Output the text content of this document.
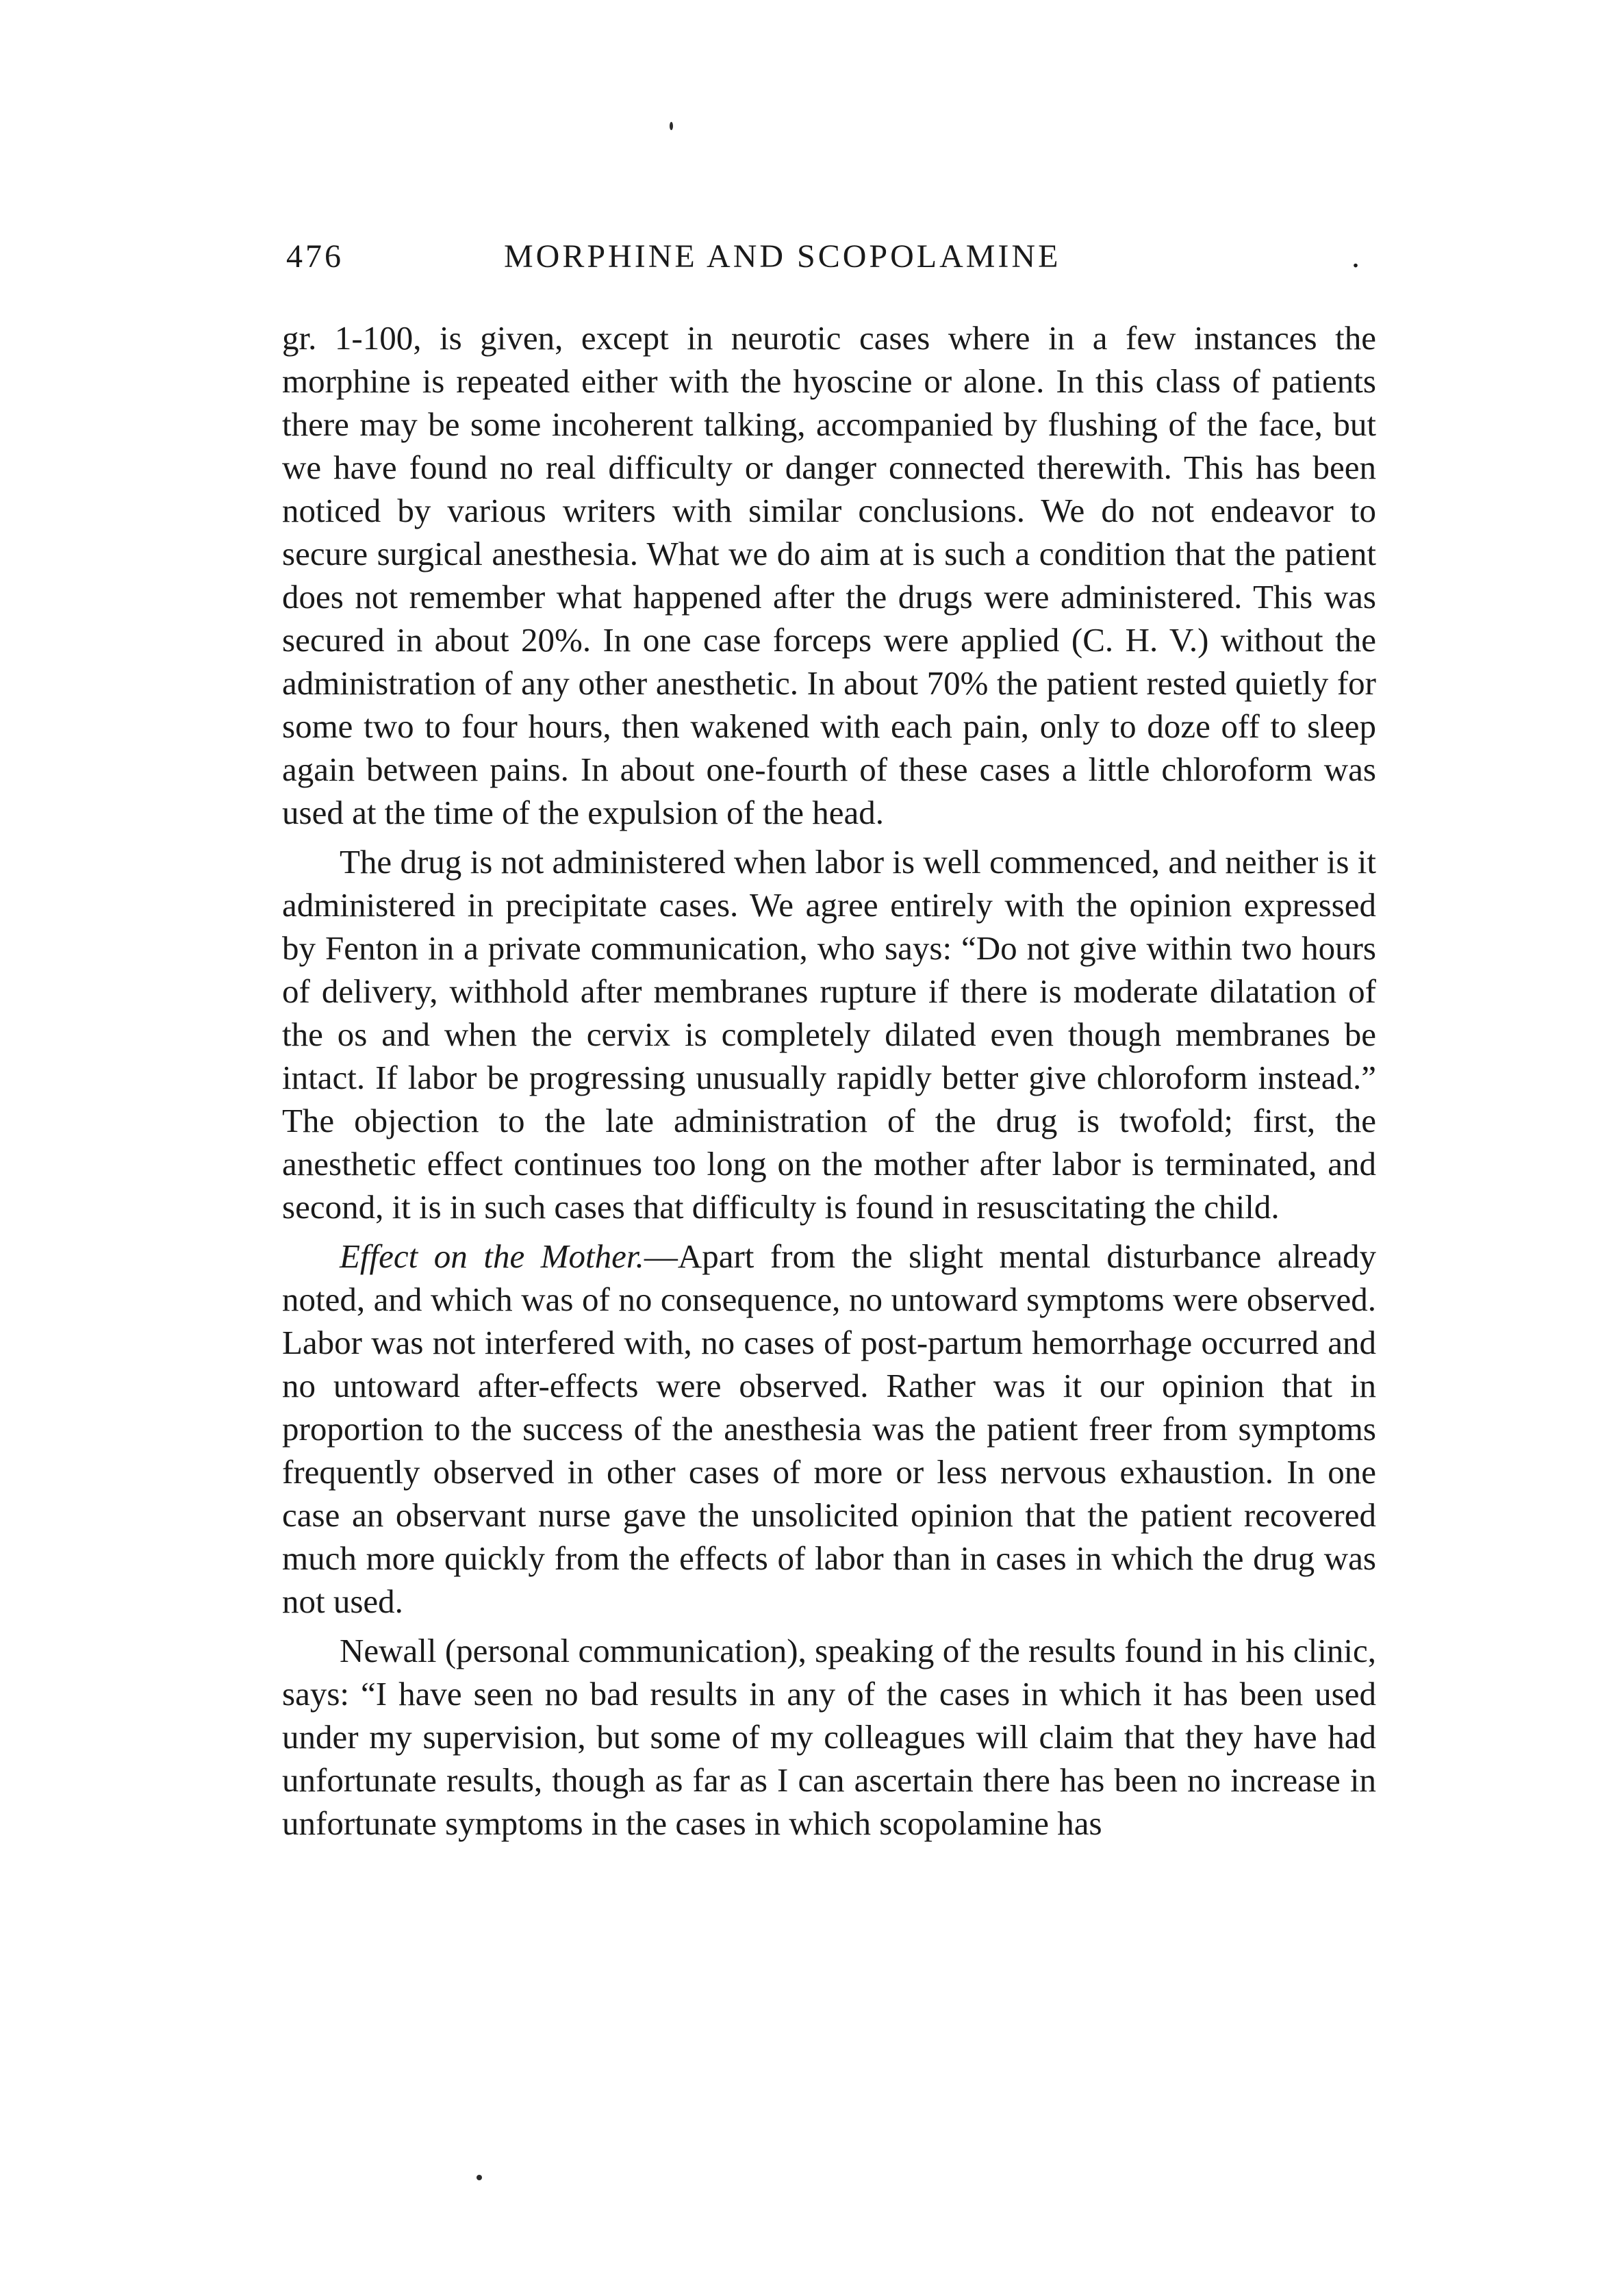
476	MORPHINE AND SCOPOLAMINE	.

gr. 1-100, is given, except in neurotic cases where in a few instances the morphine is repeated either with the hyoscine or alone. In this class of patients there may be some incoherent talking, accompanied by flushing of the face, but we have found no real difficulty or danger connected therewith. This has been noticed by various writers with similar conclusions. We do not endeavor to secure surgical anesthesia. What we do aim at is such a condition that the patient does not remember what happened after the drugs were administered. This was secured in about 20%. In one case forceps were applied (C. H. V.) without the administration of any other anesthetic. In about 70% the patient rested quietly for some two to four hours, then wakened with each pain, only to doze off to sleep again between pains. In about one-fourth of these cases a little chloroform was used at the time of the expulsion of the head.

The drug is not administered when labor is well commenced, and neither is it administered in precipitate cases. We agree entirely with the opinion expressed by Fenton in a private communication, who says: “Do not give within two hours of delivery, withhold after membranes rupture if there is moderate dilatation of the os and when the cervix is completely dilated even though membranes be intact. If labor be progressing unusually rapidly better give chloroform instead.” The objection to the late administration of the drug is twofold; first, the anesthetic effect continues too long on the mother after labor is terminated, and second, it is in such cases that difficulty is found in resuscitating the child.

Effect on the Mother.—Apart from the slight mental disturbance already noted, and which was of no consequence, no untoward symptoms were observed. Labor was not interfered with, no cases of post-partum hemorrhage occurred and no untoward after-effects were observed. Rather was it our opinion that in proportion to the success of the anesthesia was the patient freer from symptoms frequently observed in other cases of more or less nervous exhaustion. In one case an observant nurse gave the unsolicited opinion that the patient recovered much more quickly from the effects of labor than in cases in which the drug was not used.

Newall (personal communication), speaking of the results found in his clinic, says: “I have seen no bad results in any of the cases in which it has been used under my supervision, but some of my colleagues will claim that they have had unfortunate results, though as far as I can ascertain there has been no increase in unfortunate symptoms in the cases in which scopolamine has
